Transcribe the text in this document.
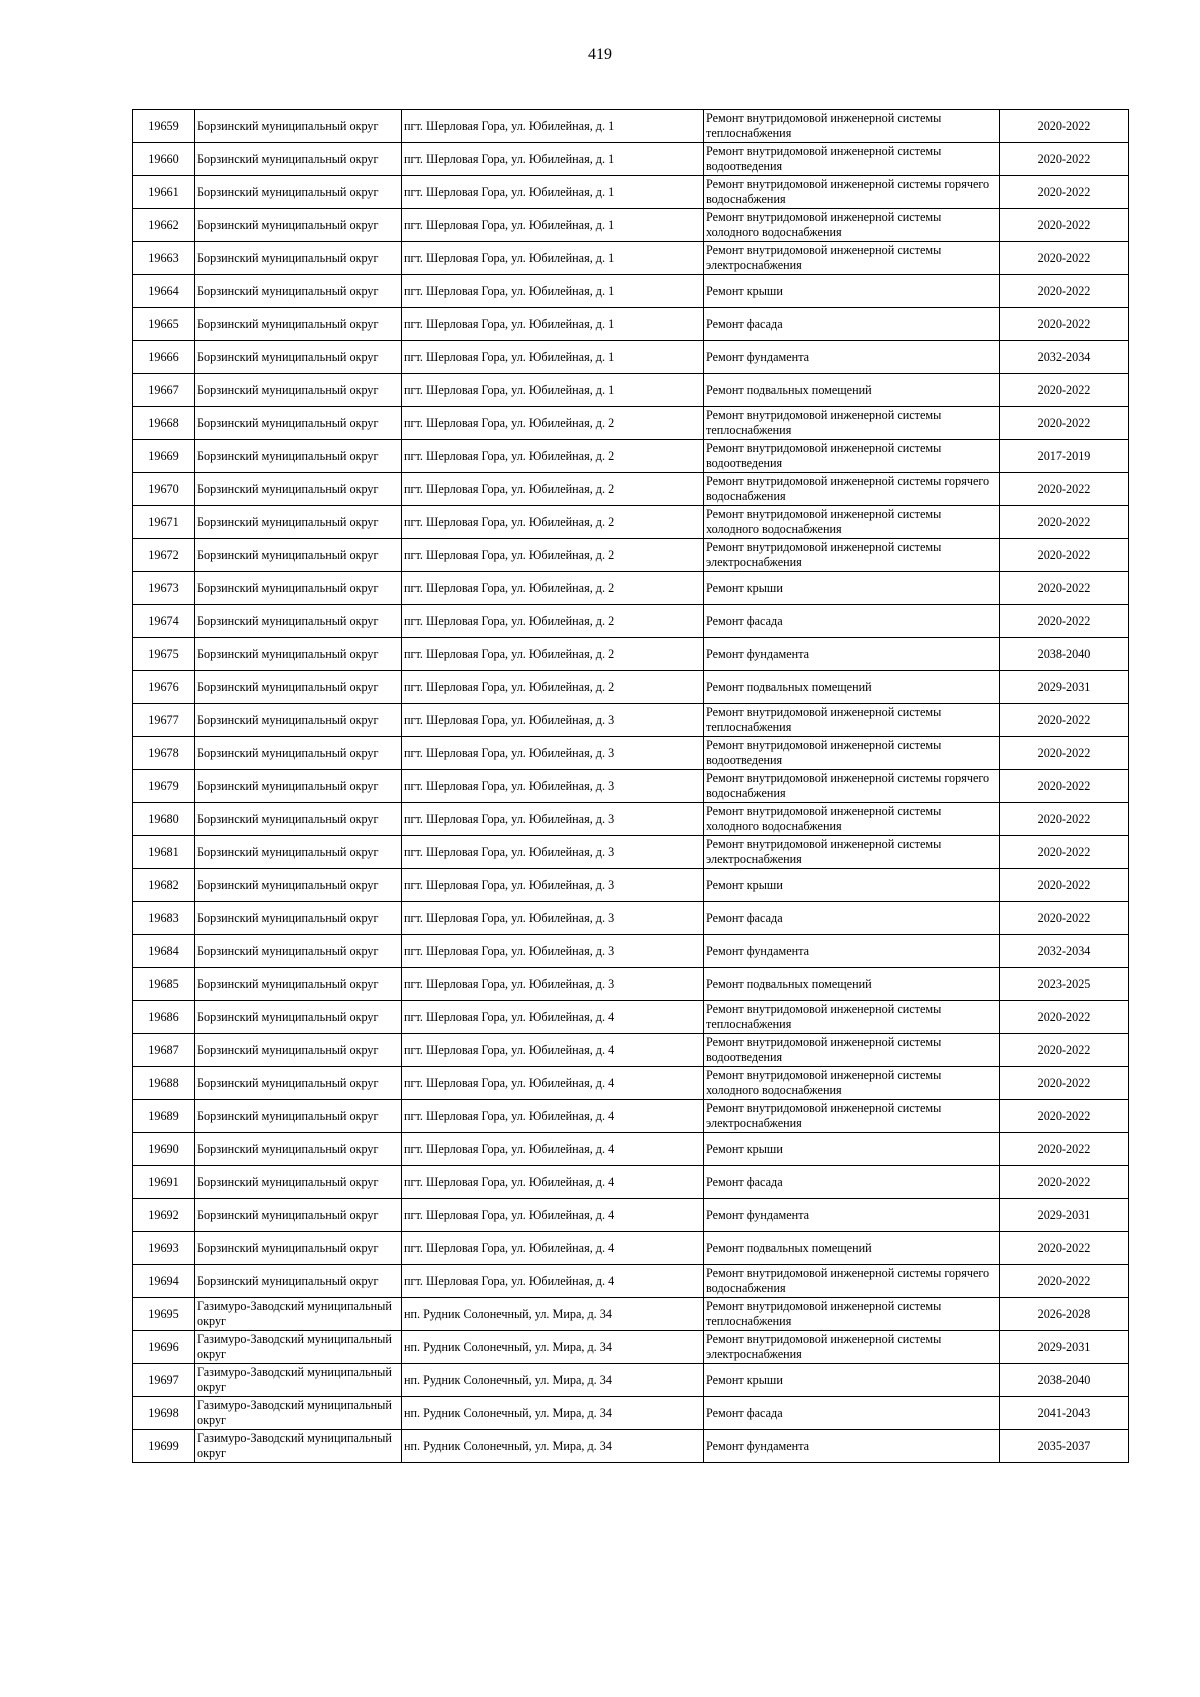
419
19659	Борзинский муниципальный округ	пгт. Шерловая Гора, ул. Юбилейная, д. 1	Ремонт внутридомовой инженерной системы теплоснабжения	2020-2022
19660	Борзинский муниципальный округ	пгт. Шерловая Гора, ул. Юбилейная, д. 1	Ремонт внутридомовой инженерной системы водоотведения	2020-2022
19661	Борзинский муниципальный округ	пгт. Шерловая Гора, ул. Юбилейная, д. 1	Ремонт внутридомовой инженерной системы горячего водоснабжения	2020-2022
19662	Борзинский муниципальный округ	пгт. Шерловая Гора, ул. Юбилейная, д. 1	Ремонт внутридомовой инженерной системы холодного водоснабжения	2020-2022
19663	Борзинский муниципальный округ	пгт. Шерловая Гора, ул. Юбилейная, д. 1	Ремонт внутридомовой инженерной системы электроснабжения	2020-2022
19664	Борзинский муниципальный округ	пгт. Шерловая Гора, ул. Юбилейная, д. 1	Ремонт крыши	2020-2022
19665	Борзинский муниципальный округ	пгт. Шерловая Гора, ул. Юбилейная, д. 1	Ремонт фасада	2020-2022
19666	Борзинский муниципальный округ	пгт. Шерловая Гора, ул. Юбилейная, д. 1	Ремонт фундамента	2032-2034
19667	Борзинский муниципальный округ	пгт. Шерловая Гора, ул. Юбилейная, д. 1	Ремонт подвальных помещений	2020-2022
19668	Борзинский муниципальный округ	пгт. Шерловая Гора, ул. Юбилейная, д. 2	Ремонт внутридомовой инженерной системы теплоснабжения	2020-2022
19669	Борзинский муниципальный округ	пгт. Шерловая Гора, ул. Юбилейная, д. 2	Ремонт внутридомовой инженерной системы водоотведения	2017-2019
19670	Борзинский муниципальный округ	пгт. Шерловая Гора, ул. Юбилейная, д. 2	Ремонт внутридомовой инженерной системы горячего водоснабжения	2020-2022
19671	Борзинский муниципальный округ	пгт. Шерловая Гора, ул. Юбилейная, д. 2	Ремонт внутридомовой инженерной системы холодного водоснабжения	2020-2022
19672	Борзинский муниципальный округ	пгт. Шерловая Гора, ул. Юбилейная, д. 2	Ремонт внутридомовой инженерной системы электроснабжения	2020-2022
19673	Борзинский муниципальный округ	пгт. Шерловая Гора, ул. Юбилейная, д. 2	Ремонт крыши	2020-2022
19674	Борзинский муниципальный округ	пгт. Шерловая Гора, ул. Юбилейная, д. 2	Ремонт фасада	2020-2022
19675	Борзинский муниципальный округ	пгт. Шерловая Гора, ул. Юбилейная, д. 2	Ремонт фундамента	2038-2040
19676	Борзинский муниципальный округ	пгт. Шерловая Гора, ул. Юбилейная, д. 2	Ремонт подвальных помещений	2029-2031
19677	Борзинский муниципальный округ	пгт. Шерловая Гора, ул. Юбилейная, д. 3	Ремонт внутридомовой инженерной системы теплоснабжения	2020-2022
19678	Борзинский муниципальный округ	пгт. Шерловая Гора, ул. Юбилейная, д. 3	Ремонт внутридомовой инженерной системы водоотведения	2020-2022
19679	Борзинский муниципальный округ	пгт. Шерловая Гора, ул. Юбилейная, д. 3	Ремонт внутридомовой инженерной системы горячего водоснабжения	2020-2022
19680	Борзинский муниципальный округ	пгт. Шерловая Гора, ул. Юбилейная, д. 3	Ремонт внутридомовой инженерной системы холодного водоснабжения	2020-2022
19681	Борзинский муниципальный округ	пгт. Шерловая Гора, ул. Юбилейная, д. 3	Ремонт внутридомовой инженерной системы электроснабжения	2020-2022
19682	Борзинский муниципальный округ	пгт. Шерловая Гора, ул. Юбилейная, д. 3	Ремонт крыши	2020-2022
19683	Борзинский муниципальный округ	пгт. Шерловая Гора, ул. Юбилейная, д. 3	Ремонт фасада	2020-2022
19684	Борзинский муниципальный округ	пгт. Шерловая Гора, ул. Юбилейная, д. 3	Ремонт фундамента	2032-2034
19685	Борзинский муниципальный округ	пгт. Шерловая Гора, ул. Юбилейная, д. 3	Ремонт подвальных помещений	2023-2025
19686	Борзинский муниципальный округ	пгт. Шерловая Гора, ул. Юбилейная, д. 4	Ремонт внутридомовой инженерной системы теплоснабжения	2020-2022
19687	Борзинский муниципальный округ	пгт. Шерловая Гора, ул. Юбилейная, д. 4	Ремонт внутридомовой инженерной системы водоотведения	2020-2022
19688	Борзинский муниципальный округ	пгт. Шерловая Гора, ул. Юбилейная, д. 4	Ремонт внутридомовой инженерной системы холодного водоснабжения	2020-2022
19689	Борзинский муниципальный округ	пгт. Шерловая Гора, ул. Юбилейная, д. 4	Ремонт внутридомовой инженерной системы электроснабжения	2020-2022
19690	Борзинский муниципальный округ	пгт. Шерловая Гора, ул. Юбилейная, д. 4	Ремонт крыши	2020-2022
19691	Борзинский муниципальный округ	пгт. Шерловая Гора, ул. Юбилейная, д. 4	Ремонт фасада	2020-2022
19692	Борзинский муниципальный округ	пгт. Шерловая Гора, ул. Юбилейная, д. 4	Ремонт фундамента	2029-2031
19693	Борзинский муниципальный округ	пгт. Шерловая Гора, ул. Юбилейная, д. 4	Ремонт подвальных помещений	2020-2022
19694	Борзинский муниципальный округ	пгт. Шерловая Гора, ул. Юбилейная, д. 4	Ремонт внутридомовой инженерной системы горячего водоснабжения	2020-2022
19695	Газимуро-Заводский муниципальный округ	нп. Рудник Солонечный, ул. Мира, д. 34	Ремонт внутридомовой инженерной системы теплоснабжения	2026-2028
19696	Газимуро-Заводский муниципальный округ	нп. Рудник Солонечный, ул. Мира, д. 34	Ремонт внутридомовой инженерной системы электроснабжения	2029-2031
19697	Газимуро-Заводский муниципальный округ	нп. Рудник Солонечный, ул. Мира, д. 34	Ремонт крыши	2038-2040
19698	Газимуро-Заводский муниципальный округ	нп. Рудник Солонечный, ул. Мира, д. 34	Ремонт фасада	2041-2043
19699	Газимуро-Заводский муниципальный округ	нп. Рудник Солонечный, ул. Мира, д. 34	Ремонт фундамента	2035-2037
